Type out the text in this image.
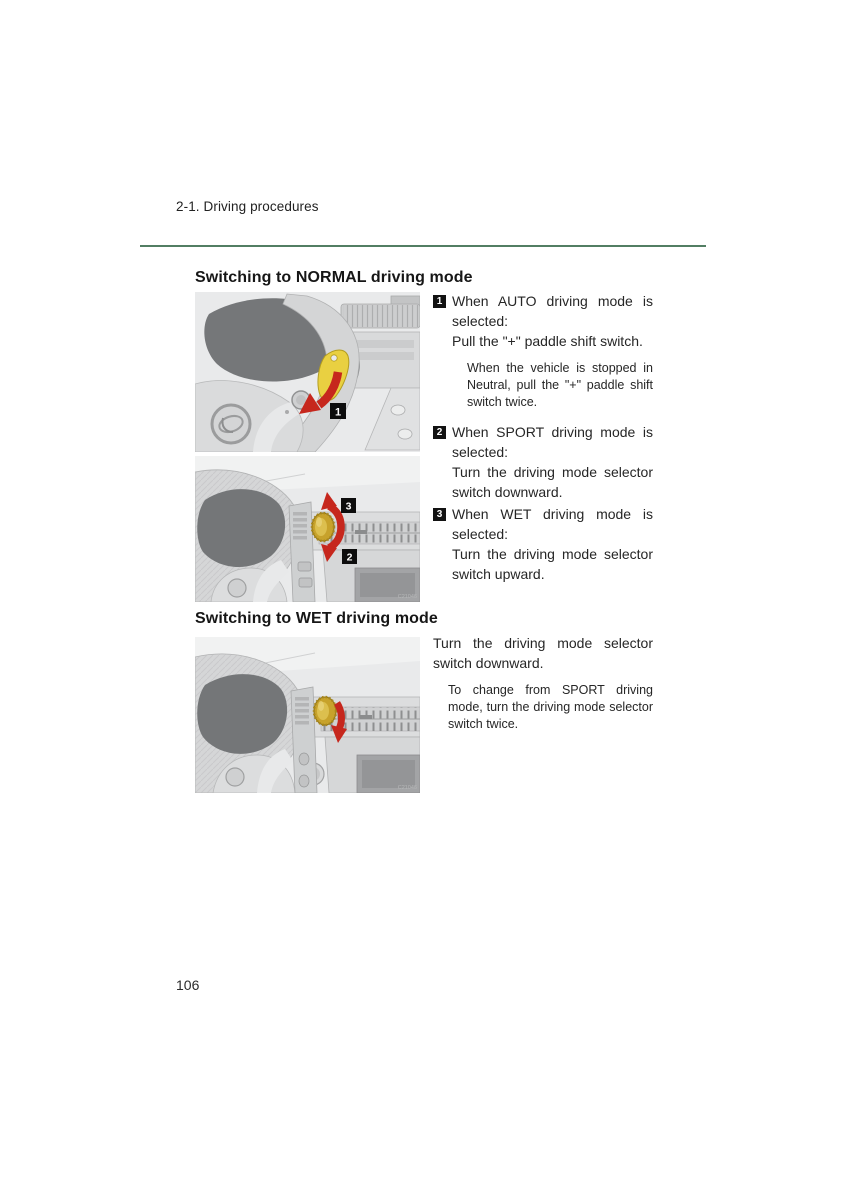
2-1. Driving procedures
Switching to NORMAL driving mode
1
3
2
C21046
1 When AUTO driving mode is selected:

Pull the "+" paddle shift switch.

When the vehicle is stopped in Neutral, pull the "+" paddle shift switch twice.

2 When SPORT driving mode is selected:

Turn the driving mode selector switch downward.

3 When WET driving mode is selected:

Turn the driving mode selector switch upward.

Switching to WET driving mode
C21046

Turn the driving mode selector switch downward.

To change from SPORT driving mode, turn the driving mode selector switch twice.

106
